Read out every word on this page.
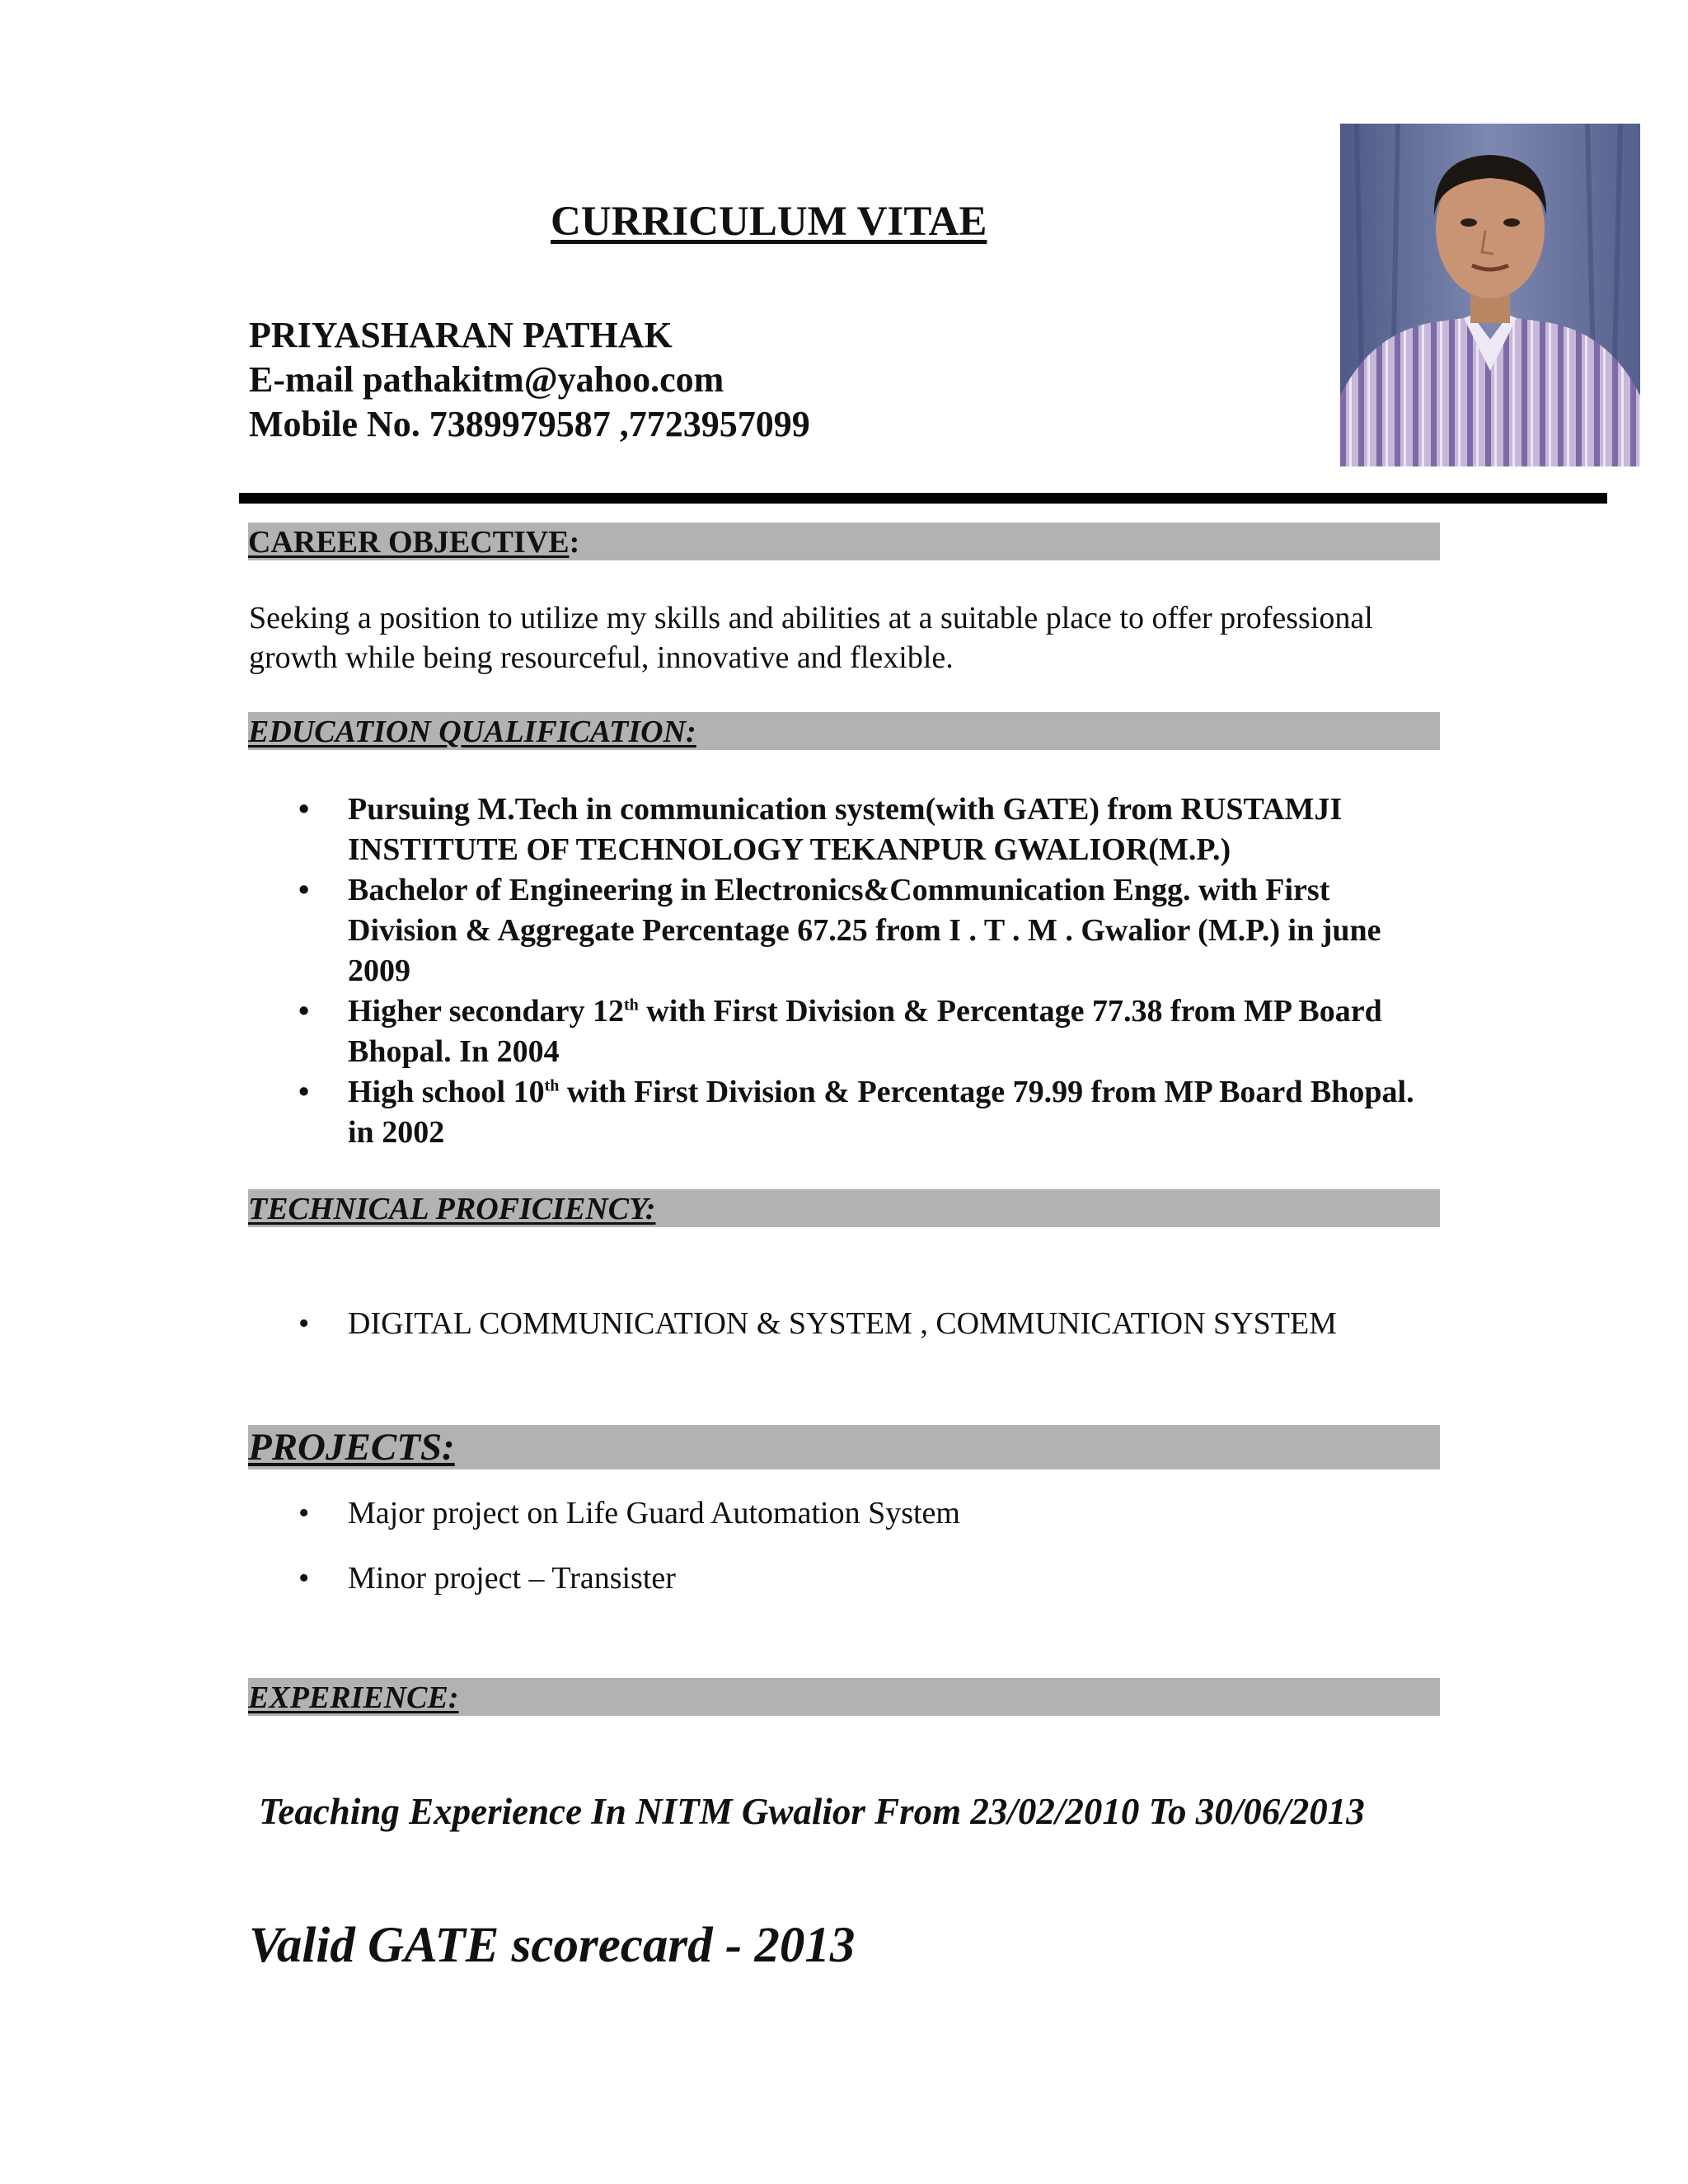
CURRICULUM VITAE
PRIYASHARAN PATHAK
E-mail pathakitm@yahoo.com
Mobile No. 7389979587 ,7723957099
CAREER OBJECTIVE:
Seeking a position to utilize my skills and abilities at a suitable place to offer professional growth while being resourceful, innovative and flexible.
EDUCATION QUALIFICATION:
• Pursuing M.Tech in communication system(with GATE) from RUSTAMJI INSTITUTE OF TECHNOLOGY TEKANPUR GWALIOR(M.P.)
• Bachelor of Engineering in Electronics&Communication Engg. with First Division & Aggregate Percentage 67.25 from I . T . M . Gwalior (M.P.) in june 2009
• Higher secondary 12th with First Division & Percentage 77.38 from MP Board Bhopal. In 2004
• High school 10th with First Division & Percentage 79.99 from MP Board Bhopal. in 2002
TECHNICAL PROFICIENCY:
• DIGITAL COMMUNICATION & SYSTEM , COMMUNICATION SYSTEM
PROJECTS:
• Major project on Life Guard Automation System
• Minor project – Transister
EXPERIENCE:
Teaching Experience In NITM Gwalior From 23/02/2010 To 30/06/2013
Valid GATE scorecard - 2013
